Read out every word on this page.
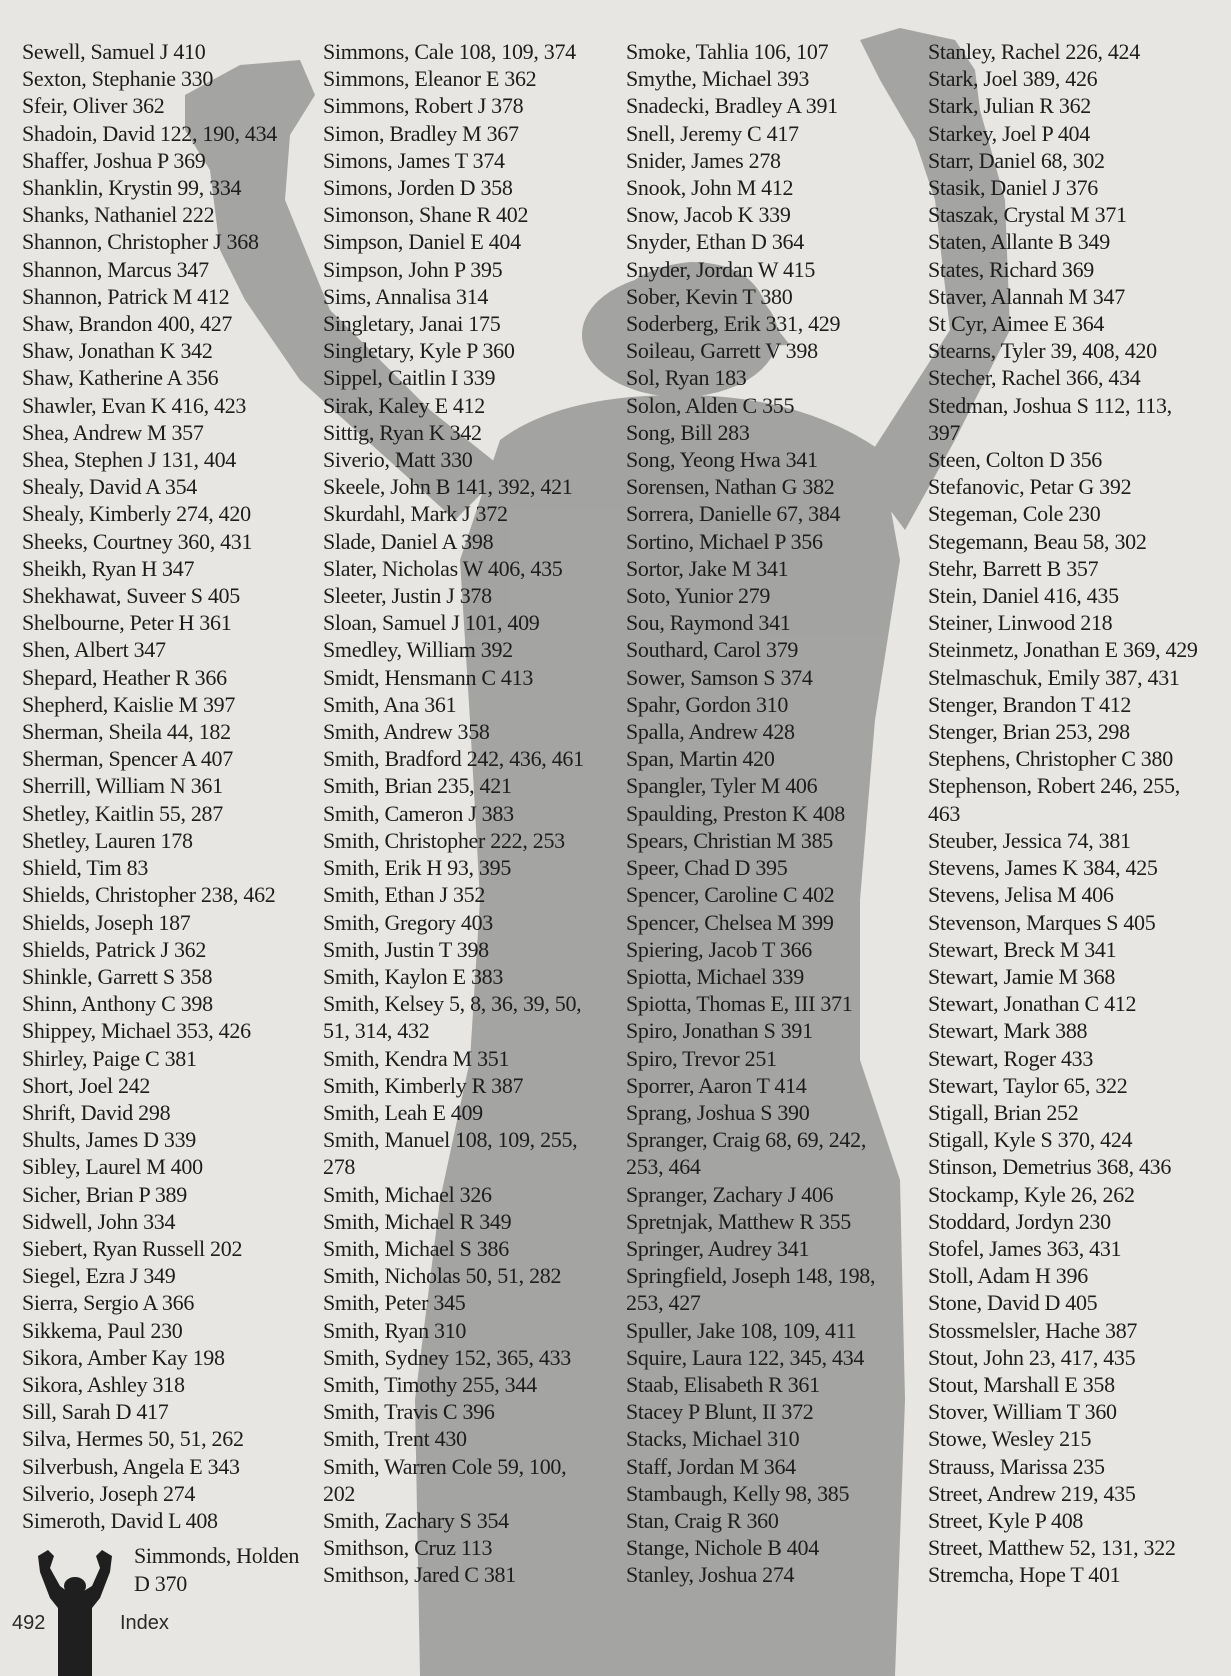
Sewell, Samuel J 410
Sexton, Stephanie 330
Sfeir, Oliver 362
Shadoin, David 122, 190, 434
Shaffer, Joshua P 369
Shanklin, Krystin 99, 334
Shanks, Nathaniel 222
Shannon, Christopher J 368
Shannon, Marcus 347
Shannon, Patrick M 412
Shaw, Brandon 400, 427
Shaw, Jonathan K 342
Shaw, Katherine A 356
Shawler, Evan K 416, 423
Shea, Andrew M 357
Shea, Stephen J 131, 404
Shealy, David A 354
Shealy, Kimberly 274, 420
Sheeks, Courtney 360, 431
Sheikh, Ryan H 347
Shekhawat, Suveer S 405
Shelbourne, Peter H 361
Shen, Albert 347
Shepard, Heather R 366
Shepherd, Kaislie M 397
Sherman, Sheila 44, 182
Sherman, Spencer A 407
Sherrill, William N 361
Shetley, Kaitlin 55, 287
Shetley, Lauren 178
Shield, Tim 83
Shields, Christopher 238, 462
Shields, Joseph 187
Shields, Patrick J 362
Shinkle, Garrett S 358
Shinn, Anthony C 398
Shippey, Michael 353, 426
Shirley, Paige C 381
Short, Joel 242
Shrift, David 298
Shults, James D 339
Sibley, Laurel M 400
Sicher, Brian P 389
Sidwell, John 334
Siebert, Ryan Russell 202
Siegel, Ezra J 349
Sierra, Sergio A 366
Sikkema, Paul 230
Sikora, Amber Kay 198
Sikora, Ashley 318
Sill, Sarah D 417
Silva, Hermes 50, 51, 262
Silverbush, Angela E 343
Silverio, Joseph 274
Simeroth, David L 408
Simmons, Cale 108, 109, 374
Simmons, Eleanor E 362
Simmons, Robert J 378
Simon, Bradley M 367
Simons, James T 374
Simons, Jorden D 358
Simonson, Shane R 402
Simpson, Daniel E 404
Simpson, John P 395
Sims, Annalisa 314
Singletary, Janai 175
Singletary, Kyle P 360
Sippel, Caitlin I 339
Sirak, Kaley E 412
Sittig, Ryan K 342
Siverio, Matt 330
Skeele, John B 141, 392, 421
Skurdahl, Mark J 372
Slade, Daniel A 398
Slater, Nicholas W 406, 435
Sleeter, Justin J 378
Sloan, Samuel J 101, 409
Smedley, William 392
Smidt, Hensmann C 413
Smith, Ana 361
Smith, Andrew 358
Smith, Bradford 242, 436, 461
Smith, Brian 235, 421
Smith, Cameron J 383
Smith, Christopher 222, 253
Smith, Erik H 93, 395
Smith, Ethan J 352
Smith, Gregory 403
Smith, Justin T 398
Smith, Kaylon E 383
Smith, Kelsey 5, 8, 36, 39, 50, 51, 314, 432
Smith, Kendra M 351
Smith, Kimberly R 387
Smith, Leah E 409
Smith, Manuel 108, 109, 255, 278
Smith, Michael 326
Smith, Michael R 349
Smith, Michael S 386
Smith, Nicholas 50, 51, 282
Smith, Peter 345
Smith, Ryan 310
Smith, Sydney 152, 365, 433
Smith, Timothy 255, 344
Smith, Travis C 396
Smith, Trent 430
Smith, Warren Cole 59, 100, 202
Smith, Zachary S 354
Smithson, Cruz 113
Smithson, Jared C 381
Smoke, Tahlia 106, 107
Smythe, Michael 393
Snadecki, Bradley A 391
Snell, Jeremy C 417
Snider, James 278
Snook, John M 412
Snow, Jacob K 339
Snyder, Ethan D 364
Snyder, Jordan W 415
Sober, Kevin T 380
Soderberg, Erik 331, 429
Soileau, Garrett V 398
Sol, Ryan 183
Solon, Alden C 355
Song, Bill 283
Song, Yeong Hwa 341
Sorensen, Nathan G 382
Sorrera, Danielle 67, 384
Sortino, Michael P 356
Sortor, Jake M 341
Soto, Yunior 279
Sou, Raymond 341
Southard, Carol 379
Sower, Samson S 374
Spahr, Gordon 310
Spalla, Andrew 428
Span, Martin 420
Spangler, Tyler M 406
Spaulding, Preston K 408
Spears, Christian M 385
Speer, Chad D 395
Spencer, Caroline C 402
Spencer, Chelsea M 399
Spiering, Jacob T 366
Spiotta, Michael 339
Spiotta, Thomas E, III 371
Spiro, Jonathan S 391
Spiro, Trevor 251
Sporrer, Aaron T 414
Sprang, Joshua S 390
Spranger, Craig 68, 69, 242, 253, 464
Spranger, Zachary J 406
Spretnjak, Matthew R 355
Springer, Audrey 341
Springfield, Joseph 148, 198, 253, 427
Spuller, Jake 108, 109, 411
Squire, Laura 122, 345, 434
Staab, Elisabeth R 361
Stacey P Blunt, II 372
Stacks, Michael 310
Staff, Jordan M 364
Stambaugh, Kelly 98, 385
Stan, Craig R 360
Stange, Nichole B 404
Stanley, Joshua 274
Stanley, Rachel 226, 424
Stark, Joel 389, 426
Stark, Julian R 362
Starkey, Joel P 404
Starr, Daniel 68, 302
Stasik, Daniel J 376
Staszak, Crystal M 371
Staten, Allante B 349
States, Richard 369
Staver, Alannah M 347
St Cyr, Aimee E 364
Stearns, Tyler 39, 408, 420
Stecher, Rachel 366, 434
Stedman, Joshua S 112, 113, 397
Steen, Colton D 356
Stefanovic, Petar G 392
Stegeman, Cole 230
Stegemann, Beau 58, 302
Stehr, Barrett B 357
Stein, Daniel 416, 435
Steiner, Linwood 218
Steinmetz, Jonathan E 369, 429
Stelmaschuk, Emily 387, 431
Stenger, Brandon T 412
Stenger, Brian 253, 298
Stephens, Christopher C 380
Stephenson, Robert 246, 255, 463
Steuber, Jessica 74, 381
Stevens, James K 384, 425
Stevens, Jelisa M 406
Stevenson, Marques S 405
Stewart, Breck M 341
Stewart, Jamie M 368
Stewart, Jonathan C 412
Stewart, Mark 388
Stewart, Roger 433
Stewart, Taylor 65, 322
Stigall, Brian 252
Stigall, Kyle S 370, 424
Stinson, Demetrius 368, 436
Stockamp, Kyle 26, 262
Stoddard, Jordyn 230
Stofel, James 363, 431
Stoll, Adam H 396
Stone, David D 405
Stossmelsler, Hache 387
Stout, John 23, 417, 435
Stout, Marshall E 358
Stover, William T 360
Stowe, Wesley 215
Strauss, Marissa 235
Street, Andrew 219, 435
Street, Kyle P 408
Street, Matthew 52, 131, 322
Stremcha, Hope T 401
Simmonds, Holden D 370
492	Index
